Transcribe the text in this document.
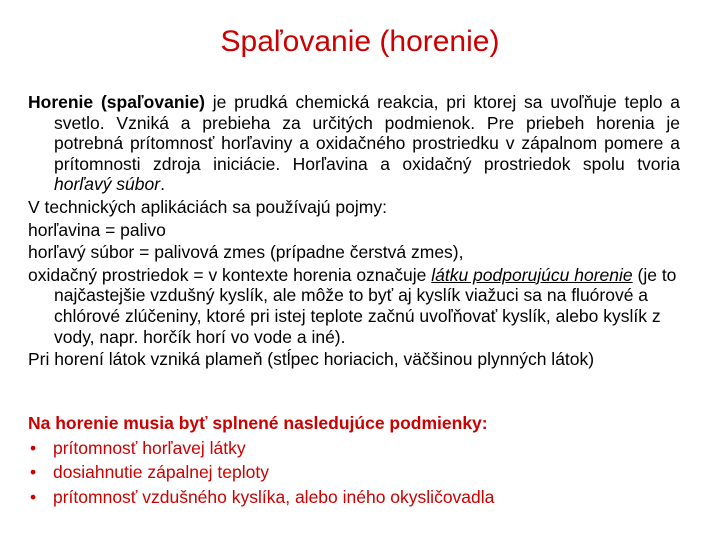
Spaľovanie (horenie)

Horenie (spaľovanie) je prudká chemická reakcia, pri ktorej sa uvoľňuje teplo a svetlo. Vzniká a prebieha za určitých podmienok. Pre priebeh horenia je potrebná prítomnosť horľaviny a oxidačného prostriedku v zápalnom pomere a prítomnosti zdroja iniciácie. Horľavina a oxidačný prostriedok spolu tvoria horľavý súbor.

V technických aplikáciách sa používajú pojmy:

horľavina = palivo

horľavý súbor = palivová zmes (prípadne čerstvá zmes),

oxidačný prostriedok = v kontexte horenia označuje látku podporujúcu horenie (je to najčastejšie vzdušný kyslík, ale môže to byť aj kyslík viažuci sa na fluórové a chlórové zlúčeniny, ktoré pri istej teplote začnú uvoľňovať kyslík, alebo kyslík z vody, napr. horčík horí vo vode a iné).

Pri horení látok vzniká plameň (stĺpec horiacich, väčšinou plynných látok)

Na horenie musia byť splnené nasledujúce podmienky:
• prítomnosť horľavej látky
• dosiahnutie zápalnej teploty
• prítomnosť vzdušného kyslíka, alebo iného okysličovadla
